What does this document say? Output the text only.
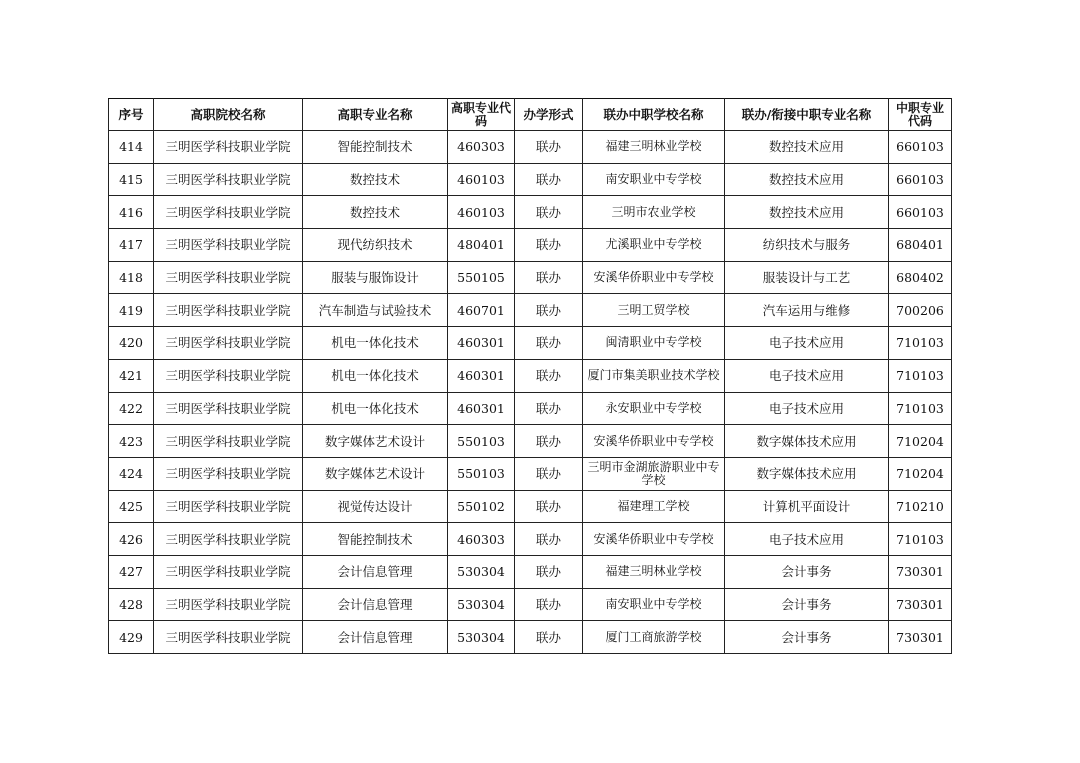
序号	高职院校名称	高职专业名称	高职专业代码	办学形式	联办中职学校名称	联办/衔接中职专业名称	中职专业代码
414	三明医学科技职业学院	智能控制技术	460303	联办	福建三明林业学校	数控技术应用	660103
415	三明医学科技职业学院	数控技术	460103	联办	南安职业中专学校	数控技术应用	660103
416	三明医学科技职业学院	数控技术	460103	联办	三明市农业学校	数控技术应用	660103
417	三明医学科技职业学院	现代纺织技术	480401	联办	尤溪职业中专学校	纺织技术与服务	680401
418	三明医学科技职业学院	服装与服饰设计	550105	联办	安溪华侨职业中专学校	服装设计与工艺	680402
419	三明医学科技职业学院	汽车制造与试验技术	460701	联办	三明工贸学校	汽车运用与维修	700206
420	三明医学科技职业学院	机电一体化技术	460301	联办	闽清职业中专学校	电子技术应用	710103
421	三明医学科技职业学院	机电一体化技术	460301	联办	厦门市集美职业技术学校	电子技术应用	710103
422	三明医学科技职业学院	机电一体化技术	460301	联办	永安职业中专学校	电子技术应用	710103
423	三明医学科技职业学院	数字媒体艺术设计	550103	联办	安溪华侨职业中专学校	数字媒体技术应用	710204
424	三明医学科技职业学院	数字媒体艺术设计	550103	联办	三明市金湖旅游职业中专学校	数字媒体技术应用	710204
425	三明医学科技职业学院	视觉传达设计	550102	联办	福建理工学校	计算机平面设计	710210
426	三明医学科技职业学院	智能控制技术	460303	联办	安溪华侨职业中专学校	电子技术应用	710103
427	三明医学科技职业学院	会计信息管理	530304	联办	福建三明林业学校	会计事务	730301
428	三明医学科技职业学院	会计信息管理	530304	联办	南安职业中专学校	会计事务	730301
429	三明医学科技职业学院	会计信息管理	530304	联办	厦门工商旅游学校	会计事务	730301
